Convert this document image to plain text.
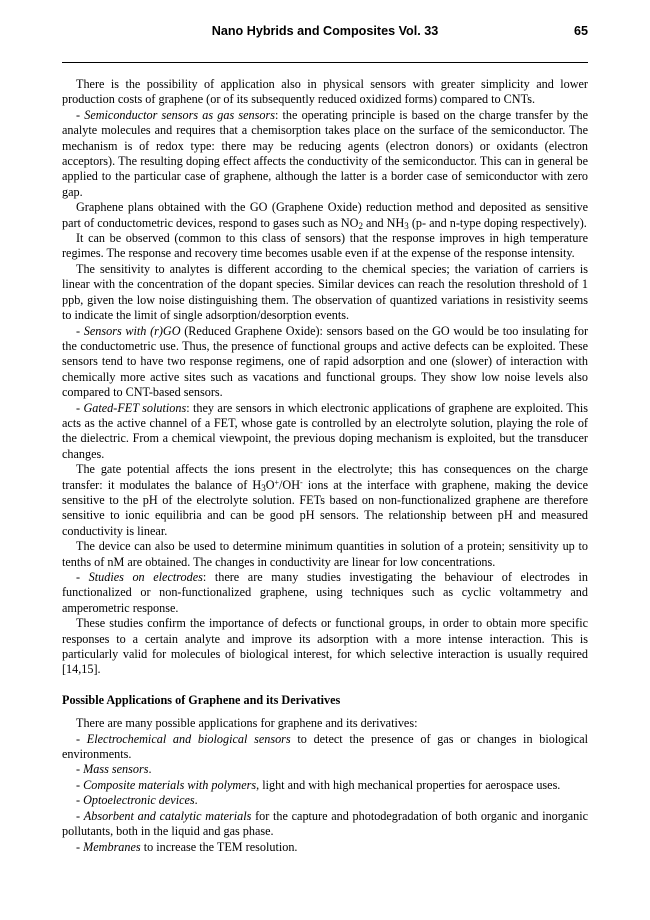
Nano Hybrids and Composites Vol. 33	65

There is the possibility of application also in physical sensors with greater simplicity and lower production costs of graphene (or of its subsequently reduced oxidized forms) compared to CNTs.

- Semiconductor sensors as gas sensors: the operating principle is based on the charge transfer by the analyte molecules and requires that a chemisorption takes place on the surface of the semiconductor. The mechanism is of redox type: there may be reducing agents (electron donors) or oxidants (electron acceptors). The resulting doping effect affects the conductivity of the semiconductor. This can in general be applied to the particular case of graphene, although the latter is a border case of semiconductor with zero gap.

Graphene plans obtained with the GO (Graphene Oxide) reduction method and deposited as sensitive part of conductometric devices, respond to gases such as $NO_2$ and $NH_3$ (p- and n-type doping respectively).

It can be observed (common to this class of sensors) that the response improves in high temperature regimes. The response and recovery time becomes usable even if at the expense of the response intensity.

The sensitivity to analytes is different according to the chemical species; the variation of carriers is linear with the concentration of the dopant species. Similar devices can reach the resolution threshold of 1 ppb, given the low noise distinguishing them. The observation of quantized variations in resistivity seems to indicate the limit of single adsorption/desorption events.

- Sensors with (r)GO (Reduced Graphene Oxide): sensors based on the GO would be too insulating for the conductometric use. Thus, the presence of functional groups and active defects can be exploited. These sensors tend to have two response regimens, one of rapid adsorption and one (slower) of interaction with chemically more active sites such as vacations and functional groups. They show low noise levels also compared to CNT-based sensors.

- Gated-FET solutions: they are sensors in which electronic applications of graphene are exploited. This acts as the active channel of a FET, whose gate is controlled by an electrolyte solution, playing the role of the dielectric. From a chemical viewpoint, the previous doping mechanism is exploited, but the transducer changes.

The gate potential affects the ions present in the electrolyte; this has consequences on the charge transfer: it modulates the balance of $H_3O^+/OH^-$ ions at the interface with graphene, making the device sensitive to the pH of the electrolyte solution. FETs based on non-functionalized graphene are therefore sensitive to ionic equilibria and can be good pH sensors. The relationship between pH and measured conductivity is linear.

The device can also be used to determine minimum quantities in solution of a protein; sensitivity up to tenths of nM are obtained. The changes in conductivity are linear for low concentrations.

- Studies on electrodes: there are many studies investigating the behaviour of electrodes in functionalized or non-functionalized graphene, using techniques such as cyclic voltammetry and amperometric response.

These studies confirm the importance of defects or functional groups, in order to obtain more specific responses to a certain analyte and improve its adsorption with a more intense interaction. This is particularly valid for molecules of biological interest, for which selective interaction is usually required [14,15].

Possible Applications of Graphene and its Derivatives

There are many possible applications for graphene and its derivatives:

- Electrochemical and biological sensors to detect the presence of gas or changes in biological environments.

- Mass sensors.

- Composite materials with polymers, light and with high mechanical properties for aerospace uses.

- Optoelectronic devices.

- Absorbent and catalytic materials for the capture and photodegradation of both organic and inorganic pollutants, both in the liquid and gas phase.

- Membranes to increase the TEM resolution.
